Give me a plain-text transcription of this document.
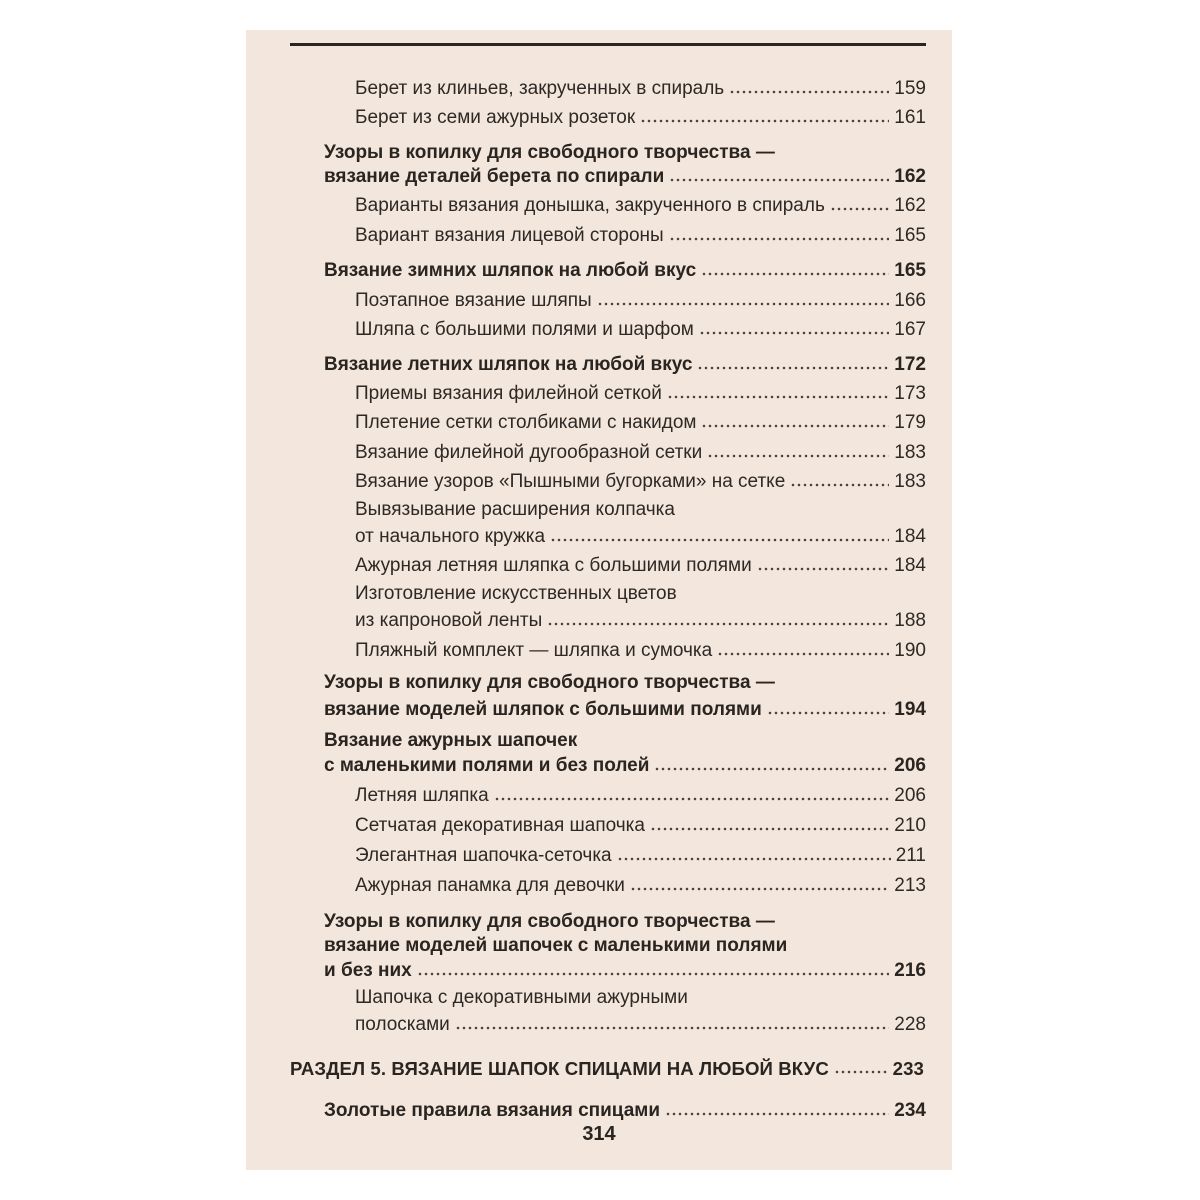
Берет из клиньев, закрученных в спираль	159
Берет из семи ажурных розеток	161
Узоры в копилку для свободного творчества —
вязание деталей берета по спирали	162
Варианты вязания донышка, закрученного в спираль	162
Вариант вязания лицевой стороны	165
Вязание зимних шляпок на любой вкус	165
Поэтапное вязание шляпы	166
Шляпа с большими полями и шарфом	167
Вязание летних шляпок на любой вкус	172
Приемы вязания филейной сеткой	173
Плетение сетки столбиками с накидом	179
Вязание филейной дугообразной сетки	183
Вязание узоров «Пышными бугорками» на сетке	183
Вывязывание расширения колпачка
от начального кружка	184
Ажурная летняя шляпка с большими полями	184
Изготовление искусственных цветов
из капроновой ленты	188
Пляжный комплект — шляпка и сумочка	190
Узоры в копилку для свободного творчества —
вязание моделей шляпок с большими полями	194
Вязание ажурных шапочек
с маленькими полями и без полей	206
Летняя шляпка	206
Сетчатая декоративная шапочка	210
Элегантная шапочка-сеточка	211
Ажурная панамка для девочки	213
Узоры в копилку для свободного творчества —
вязание моделей шапочек с маленькими полями
и без них	216
Шапочка с декоративными ажурными
полосками	228
РАЗДЕЛ 5. ВЯЗАНИЕ ШАПОК СПИЦАМИ НА ЛЮБОЙ ВКУС	233
Золотые правила вязания спицами	234
314
